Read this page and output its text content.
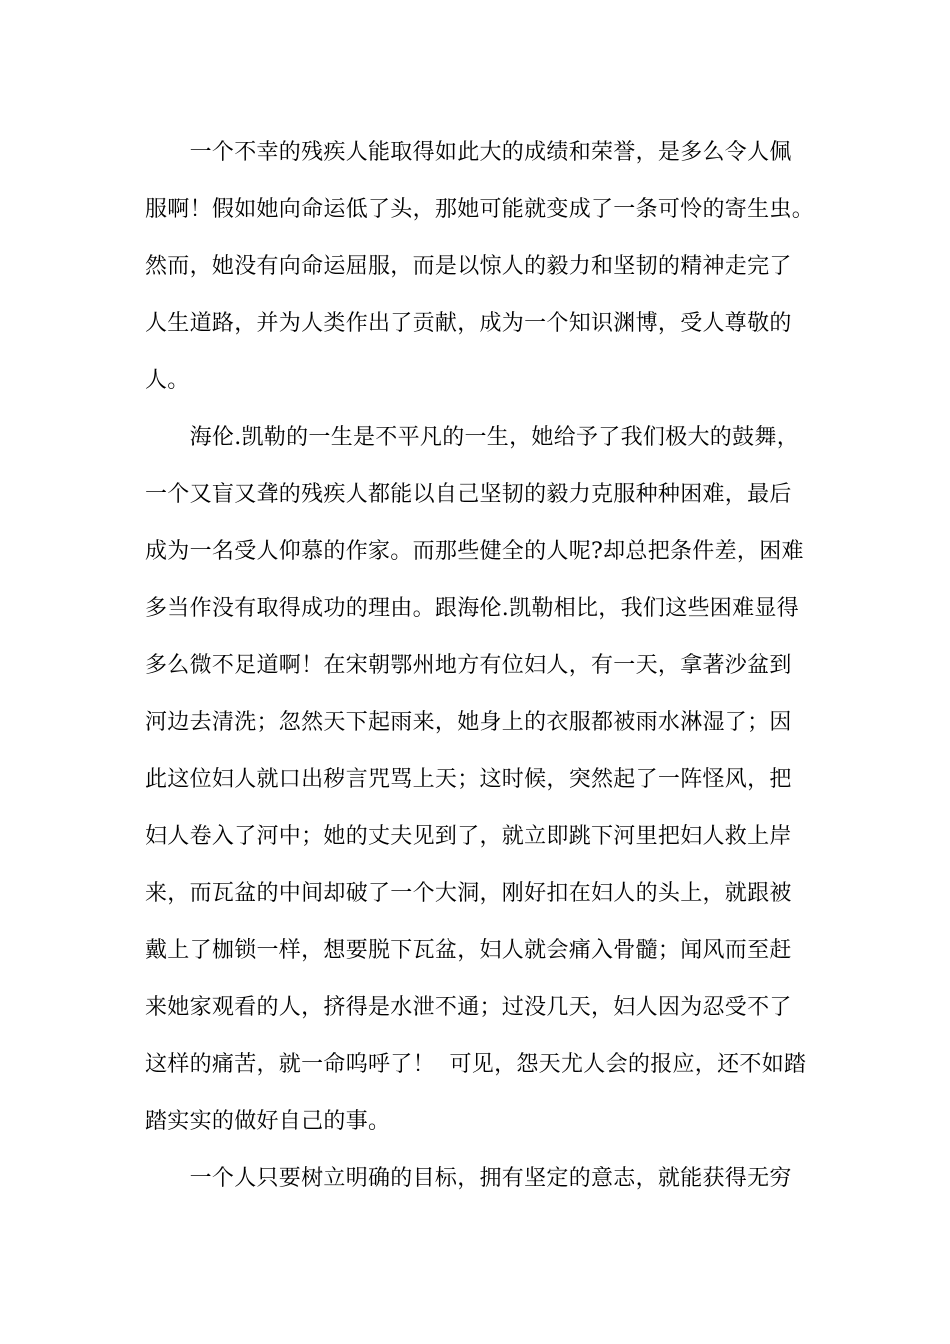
　　一个不幸的残疾人能取得如此大的成绩和荣誉，是多么令人佩
服啊！假如她向命运低了头，那她可能就变成了一条可怜的寄生虫。
然而，她没有向命运屈服，而是以惊人的毅力和坚韧的精神走完了
人生道路，并为人类作出了贡献，成为一个知识渊博，受人尊敬的
人。
　　海伦.凯勒的一生是不平凡的一生，她给予了我们极大的鼓舞，
一个又盲又聋的残疾人都能以自己坚韧的毅力克服种种困难，最后
成为一名受人仰慕的作家。而那些健全的人呢?却总把条件差，困难
多当作没有取得成功的理由。跟海伦.凯勒相比，我们这些困难显得
多么微不足道啊！在宋朝鄂州地方有位妇人，有一天，拿著沙盆到
河边去清洗；忽然天下起雨来，她身上的衣服都被雨水淋湿了；因
此这位妇人就口出秽言咒骂上天；这时候，突然起了一阵怪风，把
妇人卷入了河中；她的丈夫见到了，就立即跳下河里把妇人救上岸
来，而瓦盆的中间却破了一个大洞，刚好扣在妇人的头上，就跟被
戴上了枷锁一样，想要脱下瓦盆，妇人就会痛入骨髓；闻风而至赶
来她家观看的人，挤得是水泄不通；过没几天，妇人因为忍受不了
这样的痛苦，就一命呜呼了！  可见，怨天尤人会的报应，还不如踏
踏实实的做好自己的事。
　　一个人只要树立明确的目标，拥有坚定的意志，就能获得无穷
